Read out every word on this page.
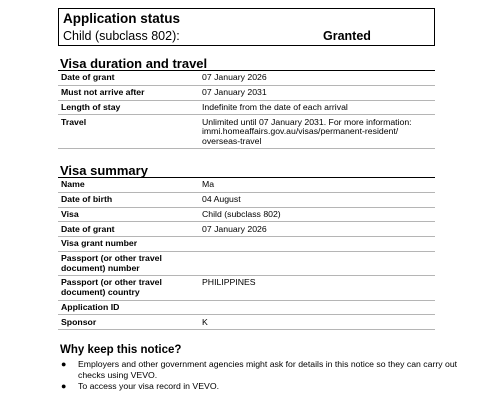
Application status
Child (subclass 802):	Granted
Visa duration and travel
Date of grant	07 January 2026
Must not arrive after	07 January 2031
Length of stay	Indefinite from the date of each arrival
Travel	Unlimited until 07 January 2031. For more information: immi.homeaffairs.gov.au/visas/permanent-resident/ overseas-travel
Visa summary
Name	Ma
Date of birth	04 August
Visa	Child (subclass 802)
Date of grant	07 January 2026
Visa grant number	
Passport (or other travel document) number	
Passport (or other travel document) country	PHILIPPINES
Application ID	
Sponsor	K
Why keep this notice?
● Employers and other government agencies might ask for details in this notice so they can carry out checks using VEVO.
● To access your visa record in VEVO.
